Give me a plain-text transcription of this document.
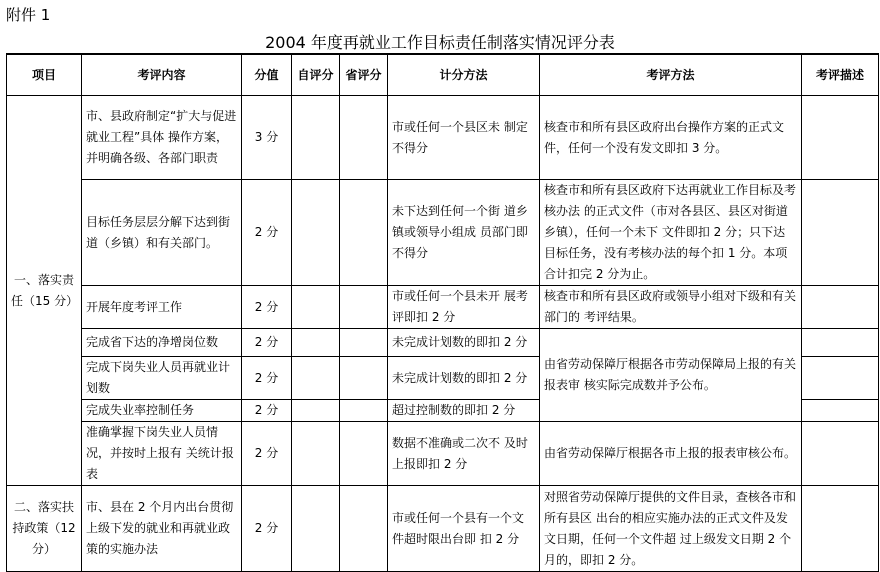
附件 1
2004 年度再就业工作目标责任制落实情况评分表
项目	考评内容	分值	自评分	省评分	计分方法	考评方法	考评描述
一、落实责任（15 分）	市、县政府制定“扩大与促进就业工程”具体 操作方案，并明确各级、各部门职责	3 分			市或任何一个县区未 制定不得分	核查市和所有县区政府出台操作方案的正式文件，任何一个没有发文即扣 3 分。	
	目标任务层层分解下达到街道（乡镇）和有关部门。	2 分			未下达到任何一个街 道乡镇或领导小组成 员部门即不得分	核查市和所有县区政府下达再就业工作目标及考核办法 的正式文件（市对各县区、县区对街道乡镇），任何一个未下 文件即扣 2 分；只下达目标任务，没有考核办法的每个扣 1 分。本项合计扣完 2 分为止。	
	开展年度考评工作	2 分			市或任何一个县未开 展考评即扣 2 分	核查市和所有县区政府或领导小组对下级和有关部门的 考评结果。	
	完成省下达的净增岗位数	2 分			未完成计划数的即扣 2 分	由省劳动保障厅根据各市劳动保障局上报的有关报表审 核实际完成数并予公布。	
	完成下岗失业人员再就业计划数	2 分			未完成计划数的即扣 2 分		
	完成失业率控制任务	2 分			超过控制数的即扣 2 分		
	准确掌握下岗失业人员情况，并按时上报有 关统计报表	2 分			数据不准确或二次不 及时上报即扣 2 分	由省劳动保障厅根据各市上报的报表审核公布。	
二、落实扶持政策（12 分）	市、县在 2 个月内出台贯彻上级下发的就业和再就业政策的实施办法	2 分			市或任何一个县有一个文件超时限出台即 扣 2 分	对照省劳动保障厅提供的文件目录，查核各市和所有县区 出台的相应实施办法的正式文件及发文日期，任何一个文件超 过上级发文日期 2 个月的，即扣 2 分。	
